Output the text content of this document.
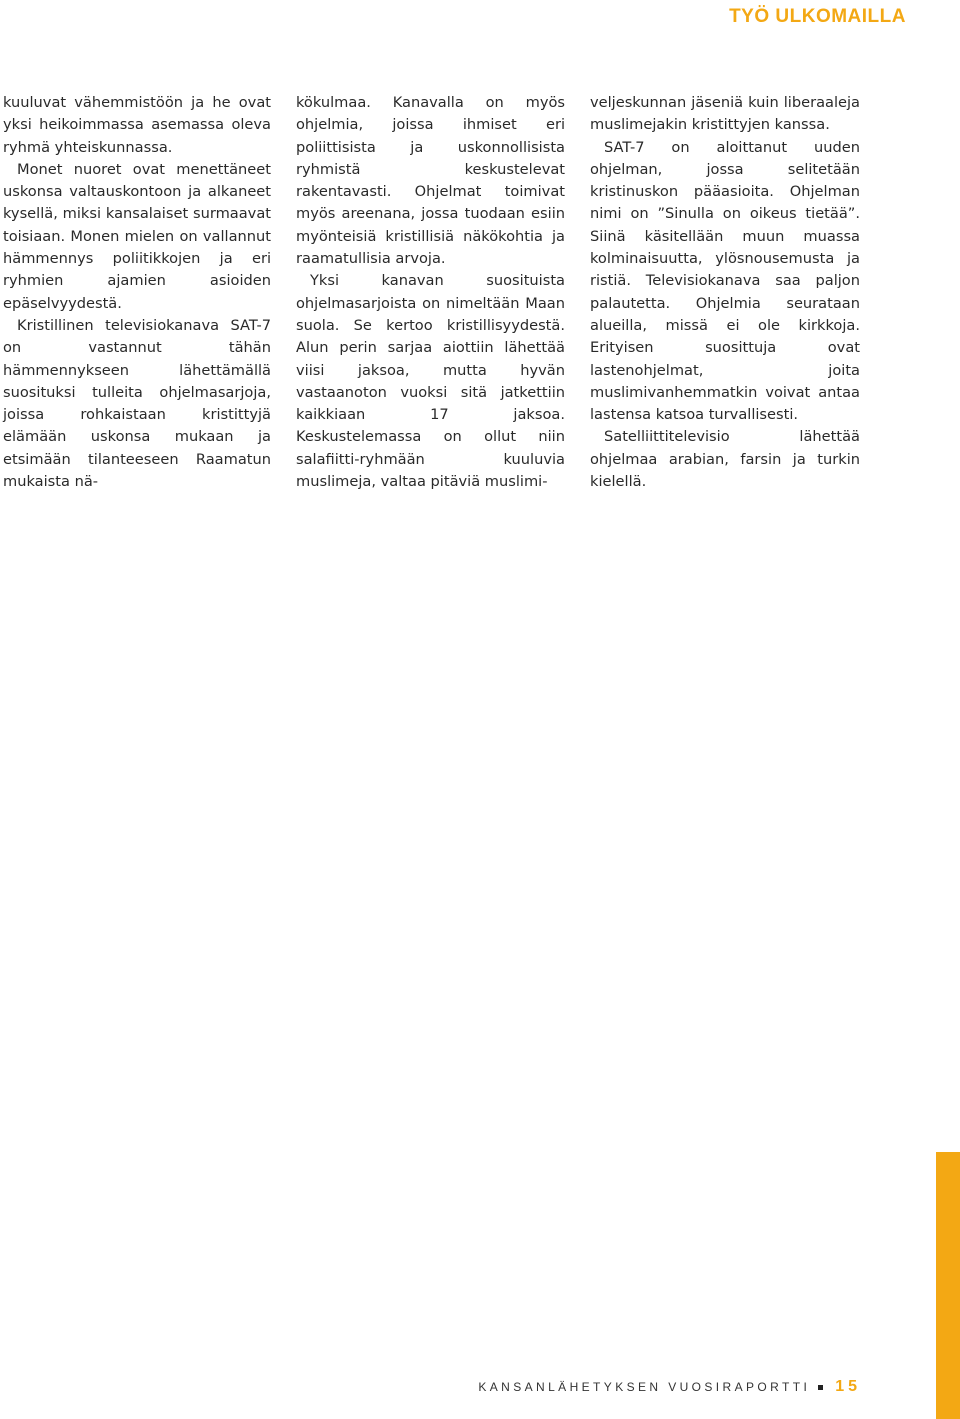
TYÖ ULKOMAILLA

kuuluvat vähemmistöön ja he ovat yksi heikoimmassa asemassa oleva ryhmä yhteiskunnassa.

Monet nuoret ovat menettäneet uskonsa valtauskontoon ja alkaneet kysellä, miksi kansalaiset surmaavat toisiaan. Monen mielen on vallannut hämmennys poliitikkojen ja eri ryhmien ajamien asioiden epäselvyydestä.

Kristillinen televisiokanava SAT-7 on vastannut tähän hämmennykseen lähettämällä suosituksi tulleita ohjelmasarjoja, joissa rohkaistaan kristittyjä elämään uskonsa mukaan ja etsimään tilanteeseen Raamatun mukaista nä-

kökulmaa. Kanavalla on myös ohjelmia, joissa ihmiset eri poliittisista ja uskonnollisista ryhmistä keskustelevat rakentavasti. Ohjelmat toimivat myös areenana, jossa tuodaan esiin myönteisiä kristillisiä näkökohtia ja raamatullisia arvoja.

Yksi kanavan suosituista ohjelmasarjoista on nimeltään Maan suola. Se kertoo kristillisyydestä. Alun perin sarjaa aiottiin lähettää viisi jaksoa, mutta hyvän vastaanoton vuoksi sitä jatkettiin kaikkiaan 17 jaksoa. Keskustelemassa on ollut niin salafiitti-ryhmään kuuluvia muslimeja, valtaa pitäviä muslimi-

veljeskunnan jäseniä kuin liberaaleja muslimejakin kristittyjen kanssa.

SAT-7 on aloittanut uuden ohjelman, jossa selitetään kristinuskon pääasioita. Ohjelman nimi on ”Sinulla on oikeus tietää”. Siinä käsitellään muun muassa kolminaisuutta, ylösnousemusta ja ristiä. Televisiokanava saa paljon palautetta. Ohjelmia seurataan alueilla, missä ei ole kirkkoja. Erityisen suosittuja ovat lastenohjelmat, joita muslimivanhemmatkin voivat antaa lastensa katsoa turvallisesti.

Satelliittitelevisio lähettää ohjelmaa arabian, farsin ja turkin kielellä.

KANSANLÄHETYKSEN VUOSIRAPORTTI 15
